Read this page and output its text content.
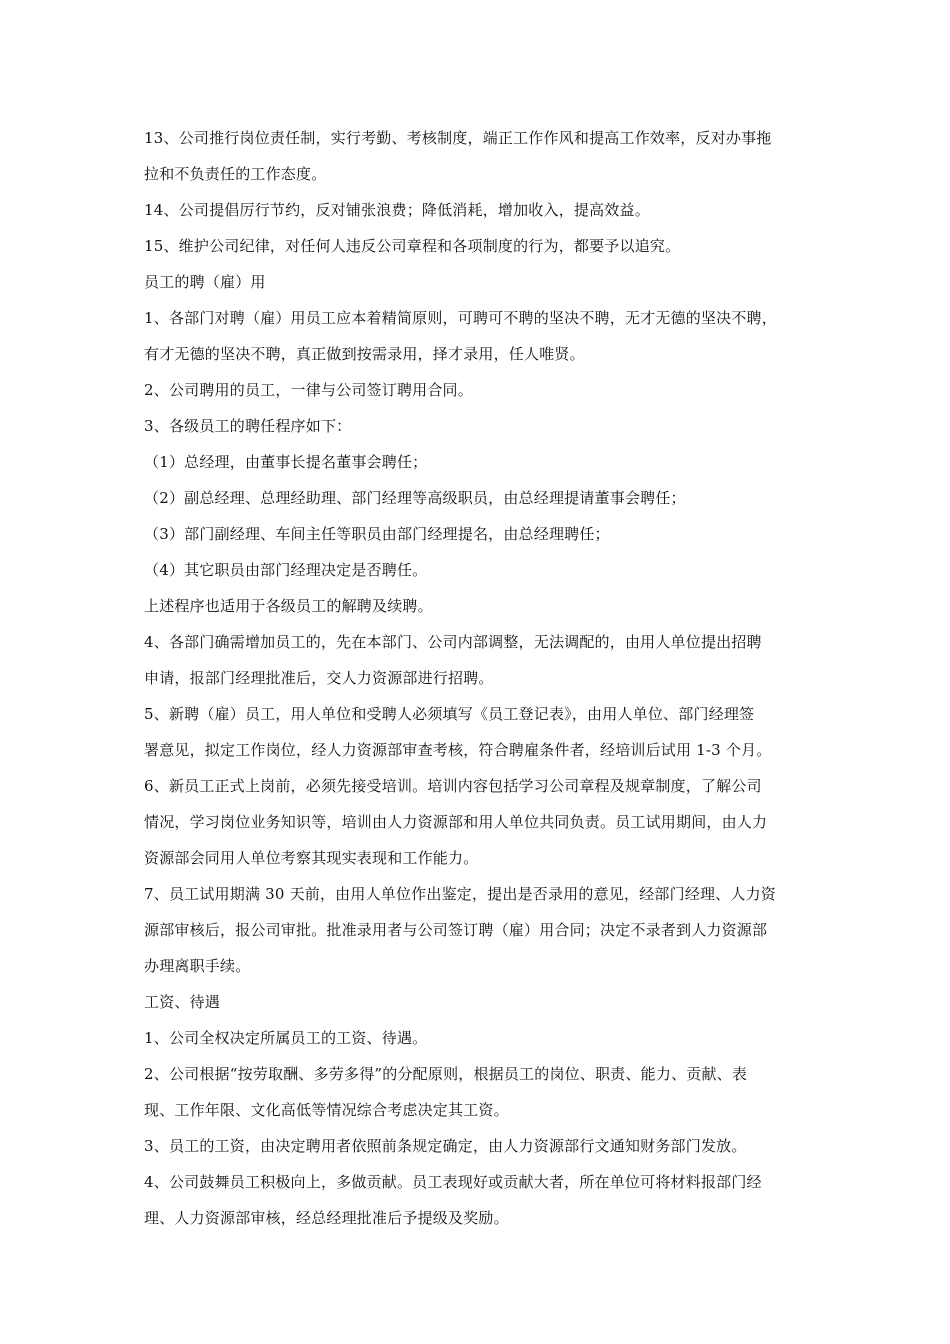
13、公司推行岗位责任制，实行考勤、考核制度，端正工作作风和提高工作效率，反对办事拖
拉和不负责任的工作态度。
14、公司提倡厉行节约，反对铺张浪费；降低消耗，增加收入，提高效益。
15、维护公司纪律，对任何人违反公司章程和各项制度的行为，都要予以追究。
员工的聘（雇）用
1、各部门对聘（雇）用员工应本着精简原则，可聘可不聘的坚决不聘，无才无德的坚决不聘，
有才无德的坚决不聘，真正做到按需录用，择才录用，任人唯贤。
2、公司聘用的员工，一律与公司签订聘用合同。
3、各级员工的聘任程序如下：
（1）总经理，由董事长提名董事会聘任；
（2）副总经理、总理经助理、部门经理等高级职员，由总经理提请董事会聘任；
（3）部门副经理、车间主任等职员由部门经理提名，由总经理聘任；
（4）其它职员由部门经理决定是否聘任。
上述程序也适用于各级员工的解聘及续聘。
4、各部门确需增加员工的，先在本部门、公司内部调整，无法调配的，由用人单位提出招聘
申请，报部门经理批准后，交人力资源部进行招聘。
5、新聘（雇）员工，用人单位和受聘人必须填写《员工登记表》，由用人单位、部门经理签
署意见，拟定工作岗位，经人力资源部审查考核，符合聘雇条件者，经培训后试用 1-3 个月。
6、新员工正式上岗前，必须先接受培训。培训内容包括学习公司章程及规章制度，了解公司
情况，学习岗位业务知识等，培训由人力资源部和用人单位共同负责。员工试用期间，由人力
资源部会同用人单位考察其现实表现和工作能力。
7、员工试用期满 30 天前，由用人单位作出鉴定，提出是否录用的意见，经部门经理、人力资
源部审核后，报公司审批。批准录用者与公司签订聘（雇）用合同；决定不录者到人力资源部
办理离职手续。
工资、待遇
1、公司全权决定所属员工的工资、待遇。
2、公司根据“按劳取酬、多劳多得”的分配原则，根据员工的岗位、职责、能力、贡献、表
现、工作年限、文化高低等情况综合考虑决定其工资。
3、员工的工资，由决定聘用者依照前条规定确定，由人力资源部行文通知财务部门发放。
4、公司鼓舞员工积极向上，多做贡献。员工表现好或贡献大者，所在单位可将材料报部门经
理、人力资源部审核，经总经理批准后予提级及奖励。
